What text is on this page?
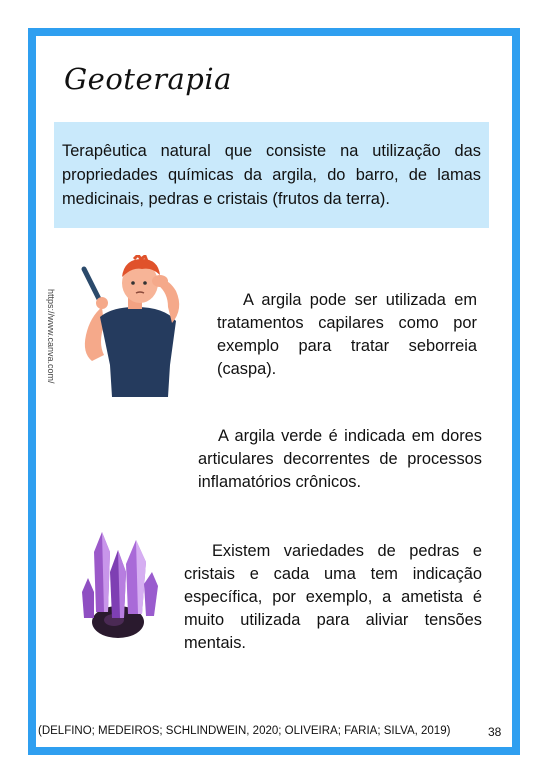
Geoterapia

Terapêutica natural que consiste na utilização das propriedades químicas da argila, do barro, de lamas medicinais, pedras e cristais (frutos da terra).

https://www.canva.com/	A argila pode ser utilizada em tratamentos capilares como por exemplo para tratar seborreia (caspa).

A argila verde é indicada em dores articulares decorrentes de processos inflamatórios crônicos.

Existem variedades de pedras e cristais e cada uma tem indicação específica, por exemplo, a ametista é muito utilizada para aliviar tensões mentais.

(DELFINO; MEDEIROS; SCHLINDWEIN, 2020; OLIVEIRA; FARIA; SILVA, 2019)	38
